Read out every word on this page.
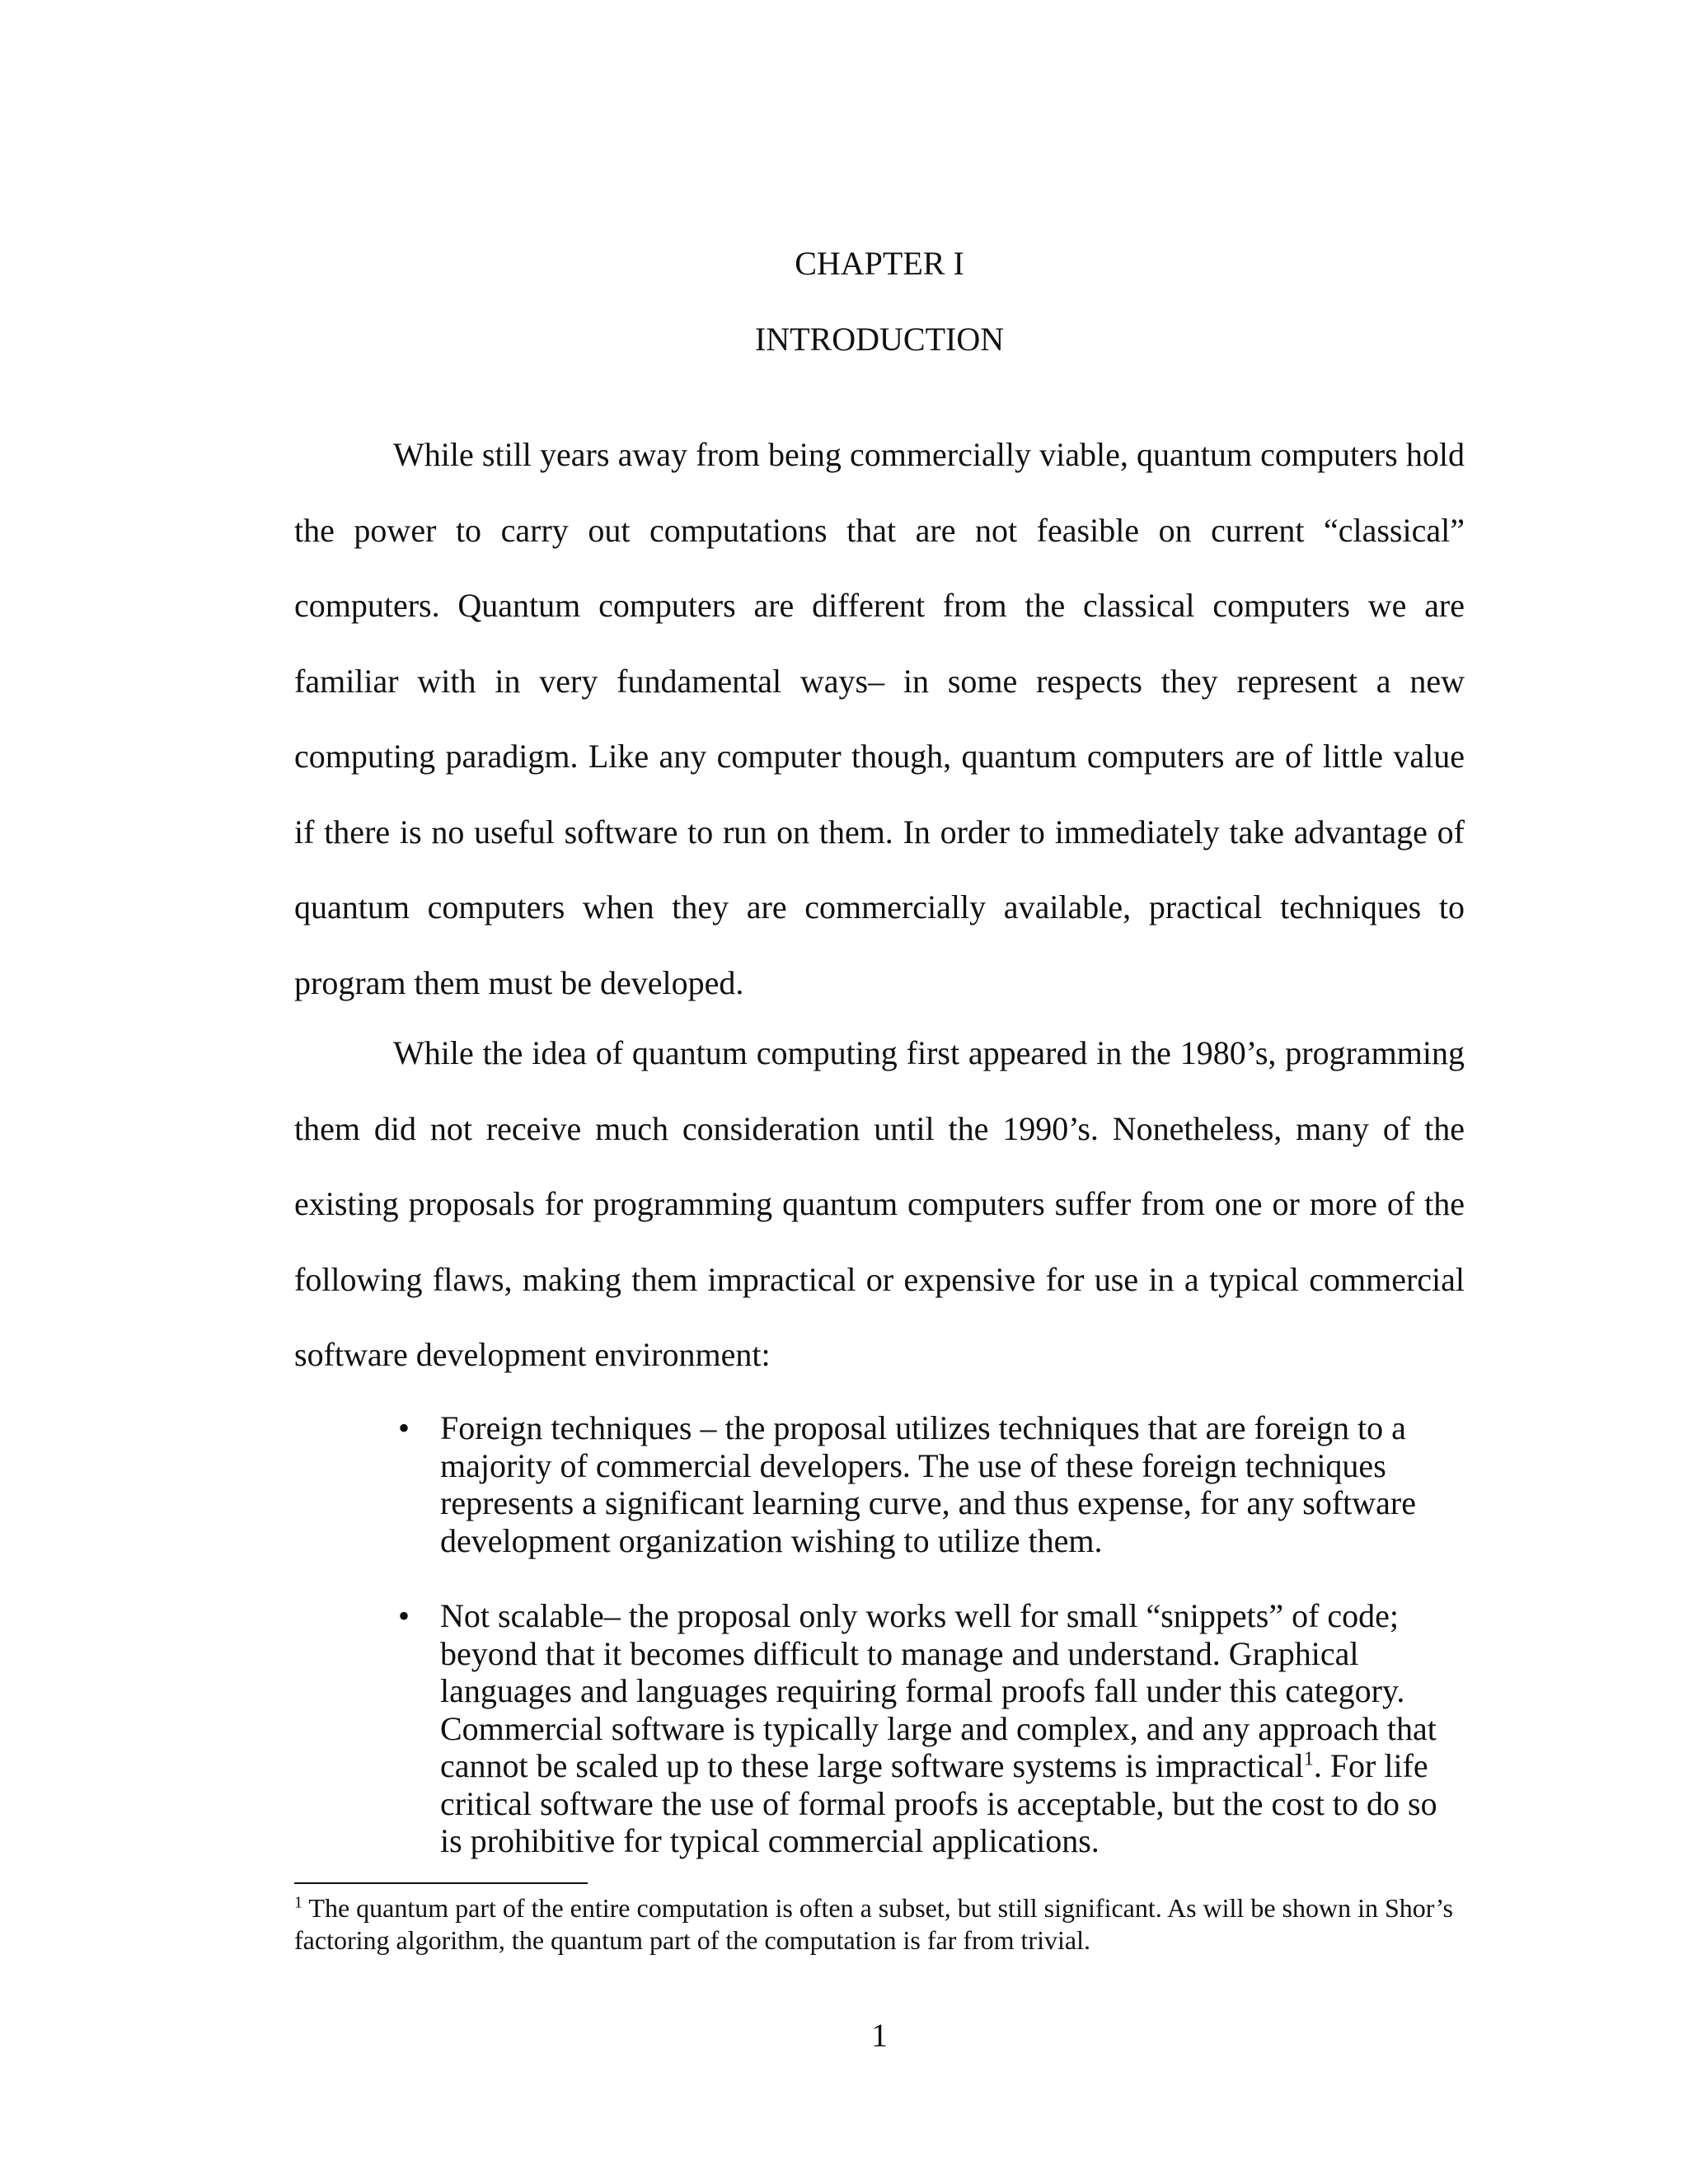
CHAPTER I
INTRODUCTION

While still years away from being commercially viable, quantum computers hold the power to carry out computations that are not feasible on current “classical” computers. Quantum computers are different from the classical computers we are familiar with in very fundamental ways– in some respects they represent a new computing paradigm. Like any computer though, quantum computers are of little value if there is no useful software to run on them. In order to immediately take advantage of quantum computers when they are commercially available, practical techniques to program them must be developed.

While the idea of quantum computing first appeared in the 1980’s, programming them did not receive much consideration until the 1990’s. Nonetheless, many of the existing proposals for programming quantum computers suffer from one or more of the following flaws, making them impractical or expensive for use in a typical commercial software development environment:

• Foreign techniques – the proposal utilizes techniques that are foreign to a majority of commercial developers. The use of these foreign techniques represents a significant learning curve, and thus expense, for any software development organization wishing to utilize them.
• Not scalable– the proposal only works well for small “snippets” of code; beyond that it becomes difficult to manage and understand. Graphical languages and languages requiring formal proofs fall under this category. Commercial software is typically large and complex, and any approach that cannot be scaled up to these large software systems is impractical$^1$. For life critical software the use of formal proofs is acceptable, but the cost to do so is prohibitive for typical commercial applications.

$^1$ The quantum part of the entire computation is often a subset, but still significant. As will be shown in Shor’s factoring algorithm, the quantum part of the computation is far from trivial.

1
